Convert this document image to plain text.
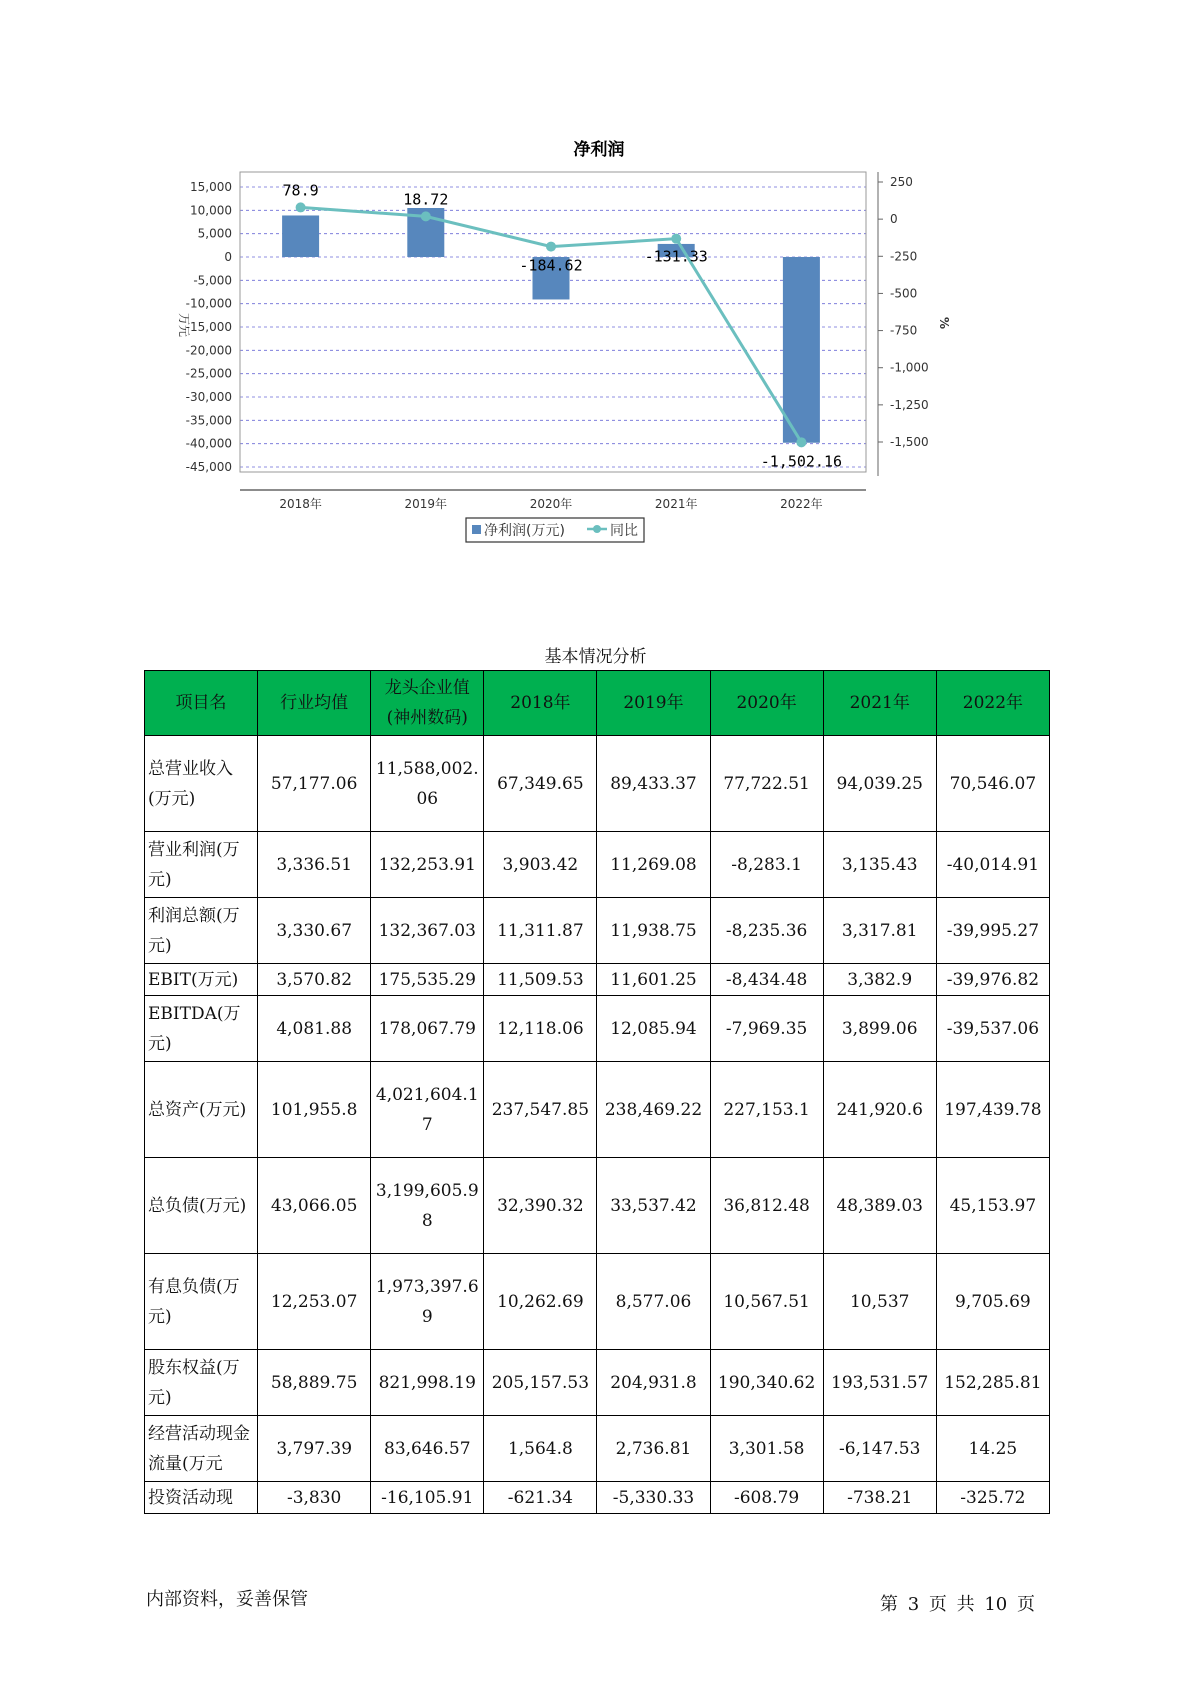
净利润
15,000
10,000
5,000
0
-5,000
-10,000
-15,000
-20,000
-25,000
-30,000
-35,000
-40,000
-45,000
250
0
-250
-500
-750
-1,000
-1,250
-1,500
万元	%
78.9	18.72
-184.62	-131.33
-1,502.16
2018年	2019年	2020年	2021年	2022年
净利润(万元)	同比
基本情况分析
项目名	行业均值	龙头企业值(神州数码)	2018年	2019年	2020年	2021年	2022年
总营业收入(万元)	57,177.06	11,588,002.06	67,349.65	89,433.37	77,722.51	94,039.25	70,546.07
营业利润(万元)	3,336.51	132,253.91	3,903.42	11,269.08	-8,283.1	3,135.43	-40,014.91
利润总额(万元)	3,330.67	132,367.03	11,311.87	11,938.75	-8,235.36	3,317.81	-39,995.27
EBIT(万元)	3,570.82	175,535.29	11,509.53	11,601.25	-8,434.48	3,382.9	-39,976.82
EBITDA(万元)	4,081.88	178,067.79	12,118.06	12,085.94	-7,969.35	3,899.06	-39,537.06
总资产(万元)	101,955.8	4,021,604.17	237,547.85	238,469.22	227,153.1	241,920.6	197,439.78
总负债(万元)	43,066.05	3,199,605.98	32,390.32	33,537.42	36,812.48	48,389.03	45,153.97
有息负债(万元)	12,253.07	1,973,397.69	10,262.69	8,577.06	10,567.51	10,537	9,705.69
股东权益(万元)	58,889.75	821,998.19	205,157.53	204,931.8	190,340.62	193,531.57	152,285.81
经营活动现金流量(万元	3,797.39	83,646.57	1,564.8	2,736.81	3,301.58	-6,147.53	14.25
投资活动现	-3,830	-16,105.91	-621.34	-5,330.33	-608.79	-738.21	-325.72
内部资料，妥善保管	第 3 页 共 10 页
